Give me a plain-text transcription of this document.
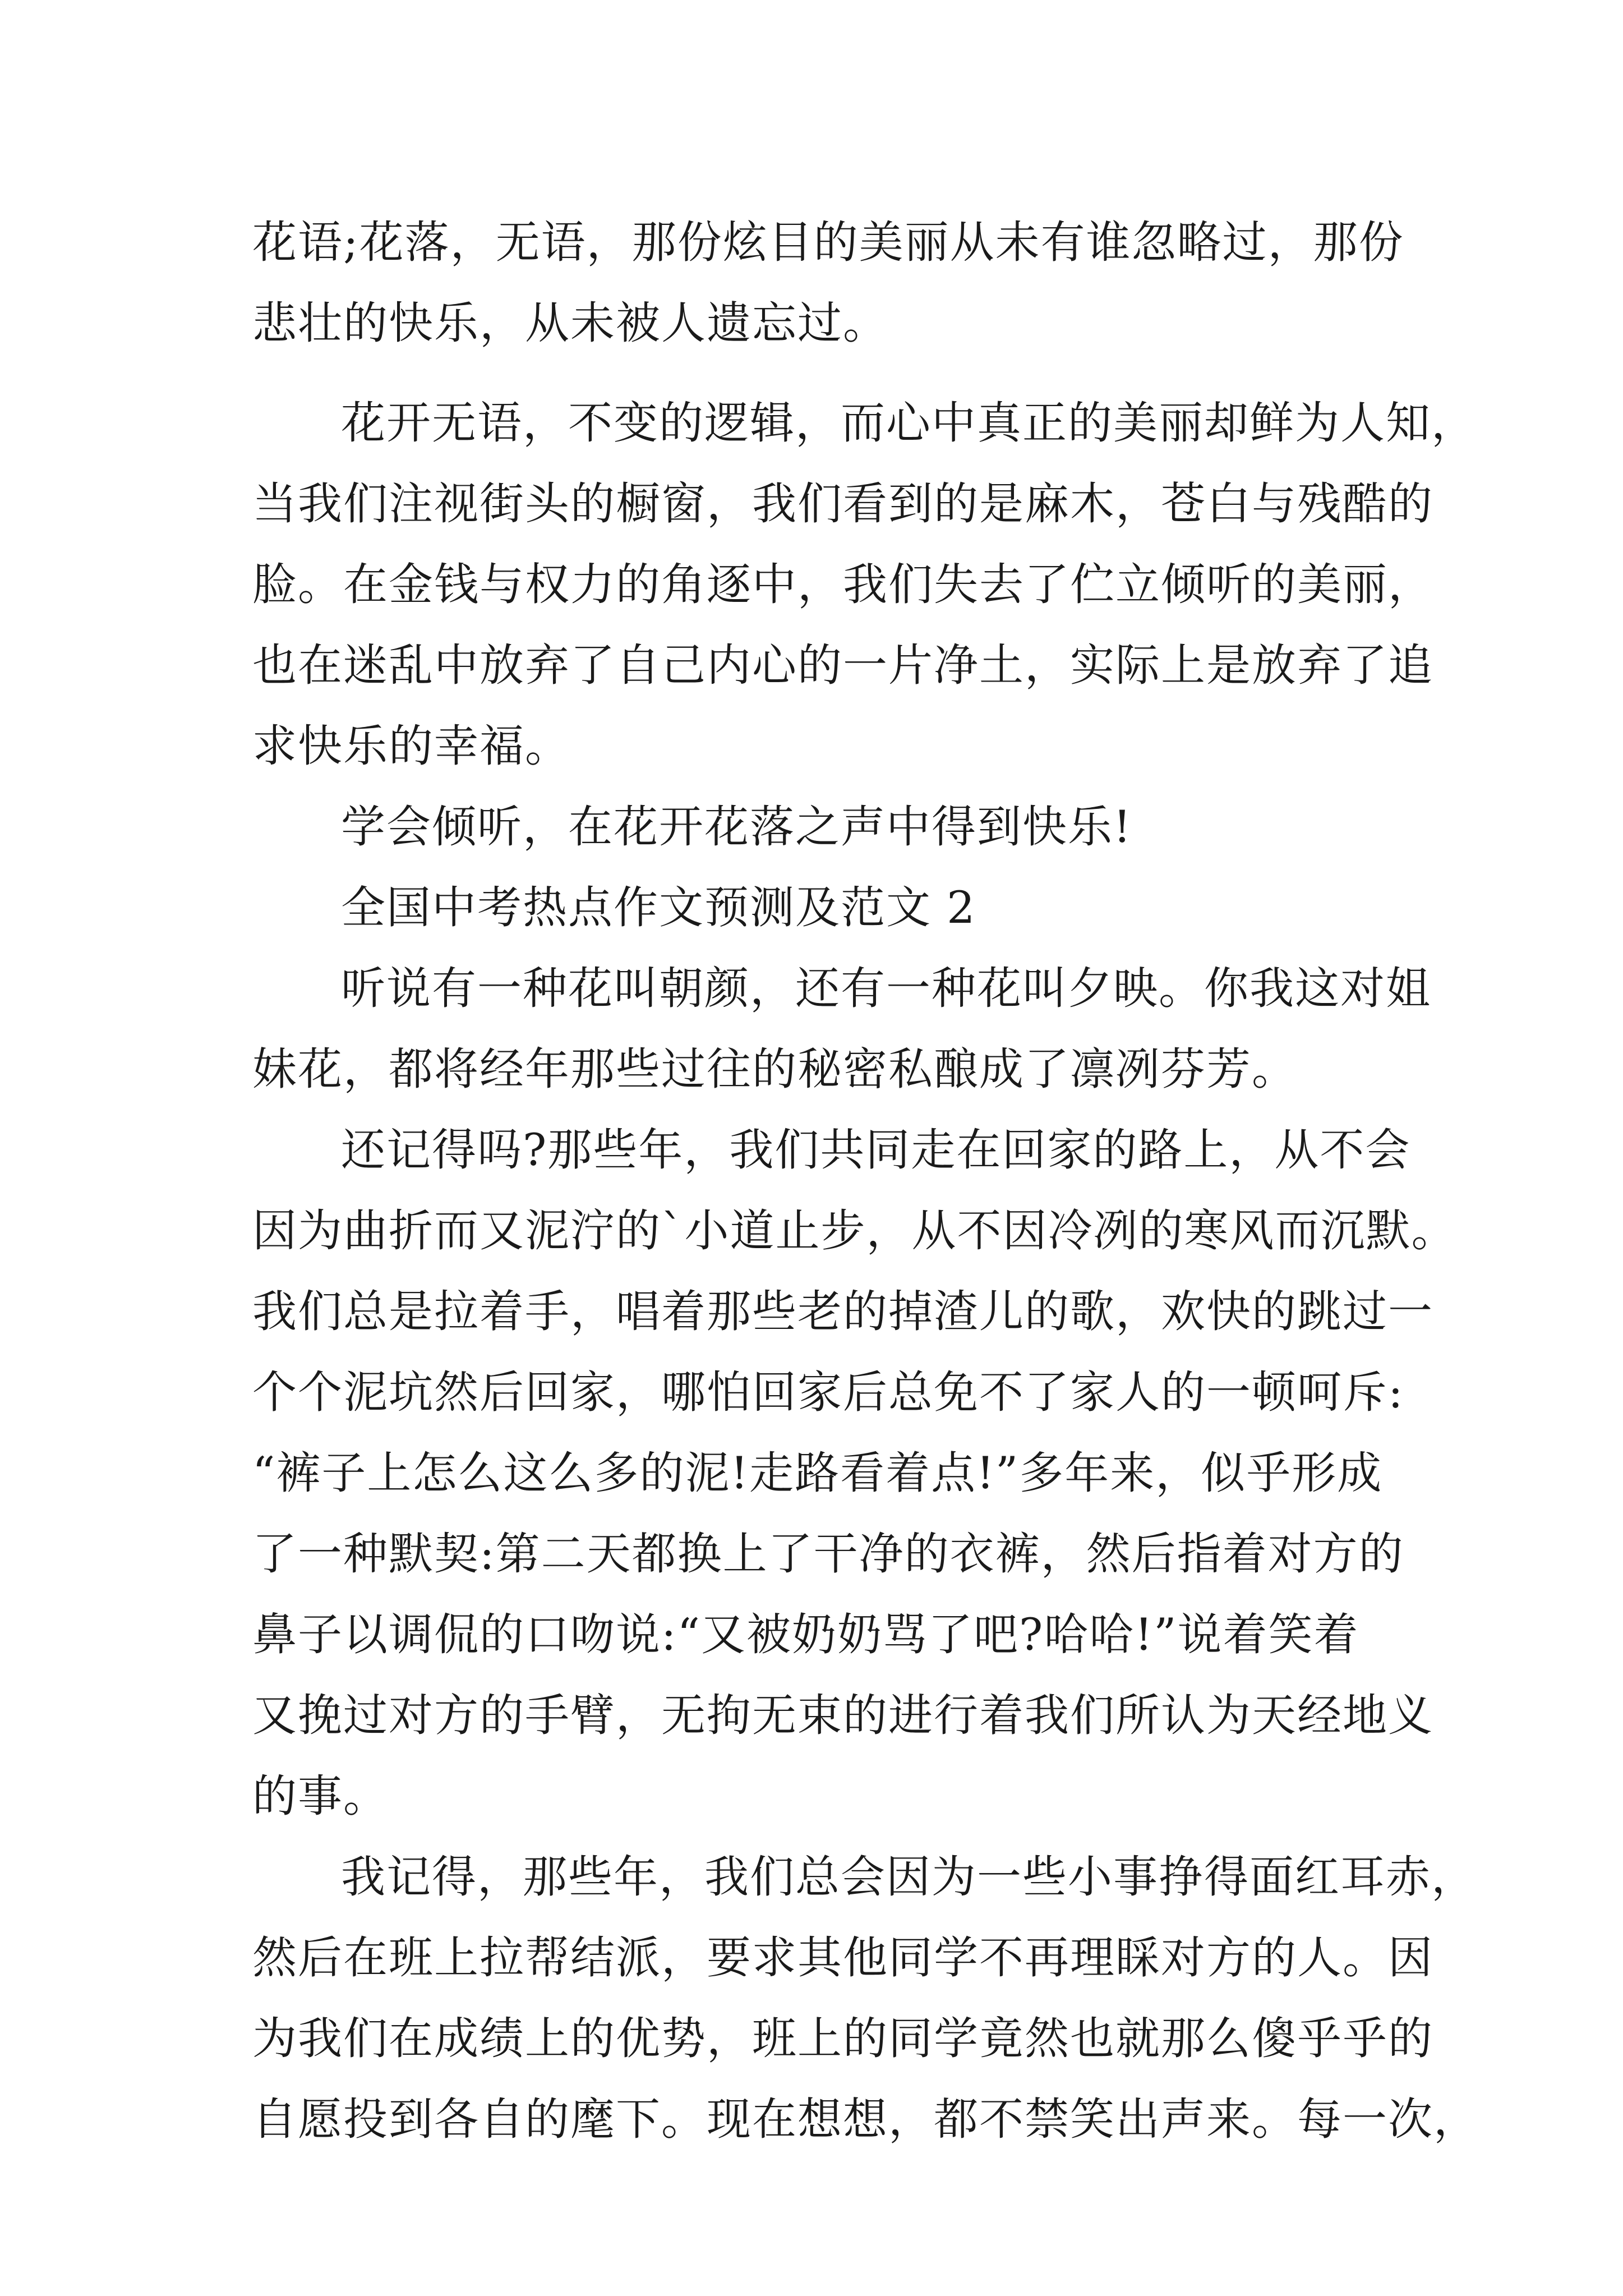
花语;花落，无语，那份炫目的美丽从未有谁忽略过，那份
悲壮的快乐，从未被人遗忘过。
花开无语，不变的逻辑，而心中真正的美丽却鲜为人知，
当我们注视街头的橱窗，我们看到的是麻木，苍白与残酷的
脸。在金钱与权力的角逐中，我们失去了伫立倾听的美丽，
也在迷乱中放弃了自己内心的一片净土，实际上是放弃了追
求快乐的幸福。
学会倾听，在花开花落之声中得到快乐!
全国中考热点作文预测及范文 2
听说有一种花叫朝颜，还有一种花叫夕映。你我这对姐
妹花，都将经年那些过往的秘密私酿成了凛冽芬芳。
还记得吗?那些年，我们共同走在回家的路上，从不会
因为曲折而又泥泞的`小道止步，从不因冷冽的寒风而沉默。
我们总是拉着手，唱着那些老的掉渣儿的歌，欢快的跳过一
个个泥坑然后回家，哪怕回家后总免不了家人的一顿呵斥:
“裤子上怎么这么多的泥!走路看着点!”多年来，似乎形成
了一种默契:第二天都换上了干净的衣裤，然后指着对方的
鼻子以调侃的口吻说:“又被奶奶骂了吧?哈哈!”说着笑着
又挽过对方的手臂，无拘无束的进行着我们所认为天经地义
的事。
我记得，那些年，我们总会因为一些小事挣得面红耳赤，
然后在班上拉帮结派，要求其他同学不再理睬对方的人。因
为我们在成绩上的优势，班上的同学竟然也就那么傻乎乎的
自愿投到各自的麾下。现在想想，都不禁笑出声来。每一次，
